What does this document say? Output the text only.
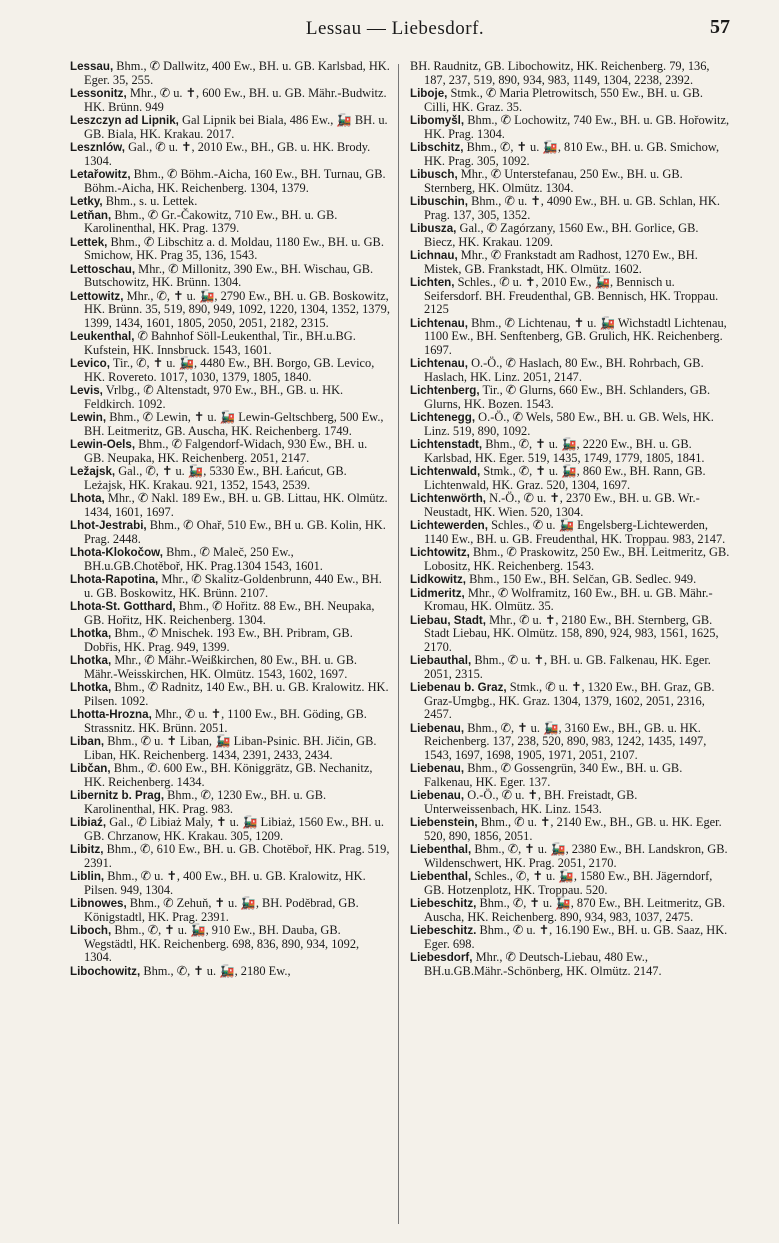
Lessau — Liebesdorf.	57

Lessau, Bhm., ✆ Dallwitz, 400 Ew., BH. u. GB. Karlsbad, HK. Eger. 35, 255.

Lessonitz, Mhr., ✆ u. ✝, 600 Ew., BH. u. GB. Mähr.-Budwitz. HK. Brünn. 949

Leszczyn ad Lipnik, Gal Lipnik bei Biala, 486 Ew., 🚂 BH. u. GB. Biala, HK. Krakau. 2017.

Lesznlów, Gal., ✆ u. ✝, 2010 Ew., BH., GB. u. HK. Brody. 1304.

Letařowitz, Bhm., ✆ Böhm.-Aicha, 160 Ew., BH. Turnau, GB. Böhm.-Aicha, HK. Reichenberg. 1304, 1379.

Letky, Bhm., s. u. Lettek.

Letňan, Bhm., ✆ Gr.-Čakowitz, 710 Ew., BH. u. GB. Karolinenthal, HK. Prag. 1379.

Lettek, Bhm., ✆ Libschitz a. d. Moldau, 1180 Ew., BH. u. GB. Smichow, HK. Prag 35, 136, 1543.

Lettoschau, Mhr., ✆ Millonitz, 390 Ew., BH. Wischau, GB. Butschowitz, HK. Brünn. 1304.

Lettowitz, Mhr., ✆, ✝ u. 🚂, 2790 Ew., BH. u. GB. Boskowitz, HK. Brünn. 35, 519, 890, 949, 1092, 1220, 1304, 1352, 1379, 1399, 1434, 1601, 1805, 2050, 2051, 2182, 2315.

Leukenthal, ✆ Bahnhof Söll-Leukenthal, Tir., BH.u.BG. Kufstein, HK. Innsbruck. 1543, 1601.

Levico, Tir., ✆, ✝ u. 🚂, 4480 Ew., BH. Borgo, GB. Levico, HK. Rovereto. 1017, 1030, 1379, 1805, 1840.

Levis, Vrlbg., ✆ Altenstadt, 970 Ew., BH., GB. u. HK. Feldkirch. 1092.

Lewin, Bhm., ✆ Lewin, ✝ u. 🚂 Lewin-Geltschberg, 500 Ew., BH. Leitmeritz, GB. Auscha, HK. Reichenberg. 1749.

Lewin-Oels, Bhm., ✆ Falgendorf-Widach, 930 Ew., BH. u. GB. Neupaka, HK. Reichenberg. 2051, 2147.

Ležajsk, Gal., ✆, ✝ u. 🚂, 5330 Ew., BH. Łańcut, GB. Leżajsk, HK. Krakau. 921, 1352, 1543, 2539.

Lhota, Mhr., ✆ Nakl. 189 Ew., BH. u. GB. Littau, HK. Olmütz. 1434, 1601, 1697.

Lhot-Jestrabi, Bhm., ✆ Ohař, 510 Ew., BH u. GB. Kolin, HK. Prag. 2448.

Lhota-Klokočow, Bhm., ✆ Maleč, 250 Ew., BH.u.GB.Chotěboř, HK. Prag.1304 1543, 1601.

Lhota-Rapotina, Mhr., ✆ Skalitz-Goldenbrunn, 440 Ew., BH. u. GB. Boskowitz, HK. Brünn. 2107.

Lhota-St. Gotthard, Bhm., ✆ Hořitz. 88 Ew., BH. Neupaka, GB. Hořitz, HK. Reichenberg. 1304.

Lhotka, Bhm., ✆ Mnischek. 193 Ew., BH. Pribram, GB. Dobřis, HK. Prag. 949, 1399.

Lhotka, Mhr., ✆ Mähr.-Weißkirchen, 80 Ew., BH. u. GB. Mähr.-Weisskirchen, HK. Olmütz. 1543, 1602, 1697.

Lhotka, Bhm., ✆ Radnitz, 140 Ew., BH. u. GB. Kralowitz. HK. Pilsen. 1092.

Lhotta-Hrozna, Mhr., ✆ u. ✝, 1100 Ew., BH. Göding, GB. Strassnitz. HK. Brünn. 2051.

Liban, Bhm., ✆ u. ✝ Liban, 🚂 Liban-Psinic. BH. Jičin, GB. Liban, HK. Reichenberg. 1434, 2391, 2433, 2434.

Libčan, Bhm., ✆. 600 Ew., BH. Königgrätz, GB. Nechanitz, HK. Reichenberg. 1434.

Libernitz b. Prag, Bhm., ✆, 1230 Ew., BH. u. GB. Karolinenthal, HK. Prag. 983.

Libiaź, Gal., ✆ Libiaż Maly, ✝ u. 🚂 Libiaż, 1560 Ew., BH. u. GB. Chrzanow, HK. Krakau. 305, 1209.

Libitz, Bhm., ✆, 610 Ew., BH. u. GB. Chotěboř, HK. Prag. 519, 2391.

Liblin, Bhm., ✆ u. ✝, 400 Ew., BH. u. GB. Kralowitz, HK. Pilsen. 949, 1304.

Libnowes, Bhm., ✆ Zehuň, ✝ u. 🚂, BH. Poděbrad, GB. Königstadtl, HK. Prag. 2391.

Liboch, Bhm., ✆, ✝ u. 🚂, 910 Ew., BH. Dauba, GB. Wegstädtl, HK. Reichenberg. 698, 836, 890, 934, 1092, 1304.

Libochowitz, Bhm., ✆, ✝ u. 🚂, 2180 Ew.,

BH. Raudnitz, GB. Libochowitz, HK. Reichenberg. 79, 136, 187, 237, 519, 890, 934, 983, 1149, 1304, 2238, 2392.

Liboje, Stmk., ✆ Maria Pletrowitsch, 550 Ew., BH. u. GB. Cilli, HK. Graz. 35.

Libomyšl, Bhm., ✆ Lochowitz, 740 Ew., BH. u. GB. Hořowitz, HK. Prag. 1304.

Libschitz, Bhm., ✆, ✝ u. 🚂, 810 Ew., BH. u. GB. Smichow, HK. Prag. 305, 1092.

Libusch, Mhr., ✆ Unterstefanau, 250 Ew., BH. u. GB. Sternberg, HK. Olmütz. 1304.

Libuschin, Bhm., ✆ u. ✝, 4090 Ew., BH. u. GB. Schlan, HK. Prag. 137, 305, 1352.

Libusza, Gal., ✆ Zagórzany, 1560 Ew., BH. Gorlice, GB. Biecz, HK. Krakau. 1209.

Lichnau, Mhr., ✆ Frankstadt am Radhost, 1270 Ew., BH. Mistek, GB. Frankstadt, HK. Olmütz. 1602.

Lichten, Schles., ✆ u. ✝, 2010 Ew., 🚂, Bennisch u. Seifersdorf. BH. Freudenthal, GB. Bennisch, HK. Troppau. 2125

Lichtenau, Bhm., ✆ Lichtenau, ✝ u. 🚂 Wichstadtl Lichtenau, 1100 Ew., BH. Senftenberg, GB. Grulich, HK. Reichenberg. 1697.

Lichtenau, O.-Ö., ✆ Haslach, 80 Ew., BH. Rohrbach, GB. Haslach, HK. Linz. 2051, 2147.

Lichtenberg, Tir., ✆ Glurns, 660 Ew., BH. Schlanders, GB. Glurns, HK. Bozen. 1543.

Lichtenegg, O.-Ö., ✆ Wels, 580 Ew., BH. u. GB. Wels, HK. Linz. 519, 890, 1092.

Lichtenstadt, Bhm., ✆, ✝ u. 🚂, 2220 Ew., BH. u. GB. Karlsbad, HK. Eger. 519, 1435, 1749, 1779, 1805, 1841.

Lichtenwald, Stmk., ✆, ✝ u. 🚂, 860 Ew., BH. Rann, GB. Lichtenwald, HK. Graz. 520, 1304, 1697.

Lichtenwörth, N.-Ö., ✆ u. ✝, 2370 Ew., BH. u. GB. Wr.-Neustadt, HK. Wien. 520, 1304.

Lichtewerden, Schles., ✆ u. 🚂 Engelsberg-Lichtewerden, 1140 Ew., BH. u. GB. Freudenthal, HK. Troppau. 983, 2147.

Lichtowitz, Bhm., ✆ Praskowitz, 250 Ew., BH. Leitmeritz, GB. Lobositz, HK. Reichenberg. 1543.

Lidkowitz, Bhm., 150 Ew., BH. Selčan, GB. Sedlec. 949.

Lidmeritz, Mhr., ✆ Wolframitz, 160 Ew., BH. u. GB. Mähr.-Kromau, HK. Olmütz. 35.

Liebau, Stadt, Mhr., ✆ u. ✝, 2180 Ew., BH. Sternberg, GB. Stadt Liebau, HK. Olmütz. 158, 890, 924, 983, 1561, 1625, 2170.

Liebauthal, Bhm., ✆ u. ✝, BH. u. GB. Falkenau, HK. Eger. 2051, 2315.

Liebenau b. Graz, Stmk., ✆ u. ✝, 1320 Ew., BH. Graz, GB. Graz-Umgbg., HK. Graz. 1304, 1379, 1602, 2051, 2316, 2457.

Liebenau, Bhm., ✆, ✝ u. 🚂, 3160 Ew., BH., GB. u. HK. Reichenberg. 137, 238, 520, 890, 983, 1242, 1435, 1497, 1543, 1697, 1698, 1905, 1971, 2051, 2107.

Liebenau, Bhm., ✆ Gossengrün, 340 Ew., BH. u. GB. Falkenau, HK. Eger. 137.

Liebenau, O.-Ö., ✆ u. ✝, BH. Freistadt, GB. Unterweissenbach, HK. Linz. 1543.

Liebenstein, Bhm., ✆ u. ✝, 2140 Ew., BH., GB. u. HK. Eger. 520, 890, 1856, 2051.

Liebenthal, Bhm., ✆, ✝ u. 🚂, 2380 Ew., BH. Landskron, GB. Wildenschwert, HK. Prag. 2051, 2170.

Liebenthal, Schles., ✆, ✝ u. 🚂, 1580 Ew., BH. Jägerndorf, GB. Hotzenplotz, HK. Troppau. 520.

Liebeschitz, Bhm., ✆, ✝ u. 🚂, 870 Ew., BH. Leitmeritz, GB. Auscha, HK. Reichenberg. 890, 934, 983, 1037, 2475.

Liebeschitz. Bhm., ✆ u. ✝, 16.190 Ew., BH. u. GB. Saaz, HK. Eger. 698.

Liebesdorf, Mhr., ✆ Deutsch-Liebau, 480 Ew., BH.u.GB.Mähr.-Schönberg, HK. Olmütz. 2147.
